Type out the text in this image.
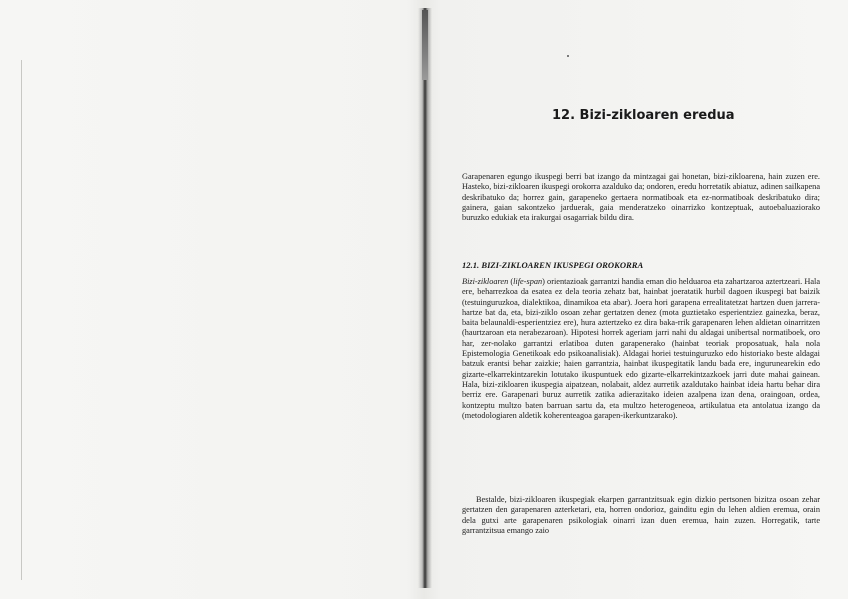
12. Bizi-zikloaren eredua

Garapenaren egungo ikuspegi berri bat izango da mintzagai gai honetan, bizi-zikloarena, hain zuzen ere. Hasteko, bizi-zikloaren ikuspegi orokorra azalduko da; ondoren, eredu horretatik abiatuz, adinen sailkapena deskribatuko da; horrez gain, garapeneko gertaera normatiboak eta ez-normatiboak deskribatuko dira; gainera, gaian sakontzeko jarduerak, gaia menderatzeko oinarrizko kontzeptuak, autoebaluaziorako buruzko edukiak eta irakurgai osagarriak bildu dira.

12.1. BIZI-ZIKLOAREN IKUSPEGI OROKORRA

Bizi-zikloaren (life-span) orientazioak garrantzi handia eman dio helduaroa eta zahartzaroa aztertzeari. Hala ere, beharrezkoa da esatea ez dela teoria zehatz bat, hainbat joeratatik hurbil dagoen ikuspegi bat baizik (testuinguruzkoa, dialektikoa, dinamikoa eta abar). Joera hori garapena errealitatetzat hartzen duen jarrera-hartze bat da, eta, bizi-ziklo osoan zehar gertatzen denez (mota guztietako esperientziez gainezka, beraz, baita belaunaldi-esperientziez ere), hura aztertzeko ez dira baka-rrik garapenaren lehen aldietan oinarritzen (haurtzaroan eta nerabezaroan). Hipotesi horrek ageriam jarri nahi du aldagai unibertsal normatiboek, oro har, zer-nolako garrantzi erlatiboa duten garapenerako (hainbat teoriak proposatuak, hala nola Epistemologia Genetikoak edo psikoanalisiak). Aldagai horiei testuinguruzko edo historiako beste aldagai batzuk erantsi behar zaizkie; haien garrantzia, hainbat ikuspegitatik landu bada ere, ingurunearekin edo gizarte-elkarrekintzarekin lotutako ikuspuntuek edo gizarte-elkarrekintzazkoek jarri dute mahai gainean. Hala, bizi-zikloaren ikuspegia aipatzean, nolabait, aldez aurretik azaldutako hainbat ideia hartu behar dira berriz ere. Garapenari buruz aurretik zatika adierazitako ideien azalpena izan dena, oraingoan, ordea, kontzeptu multzo baten barruan sartu da, eta multzo heterogeneoa, artikulatua eta antolatua izango da (metodologiaren aldetik koherenteagoa garapen-ikerkuntzarako).

Bestalde, bizi-zikloaren ikuspegiak ekarpen garrantzitsuak egin dizkio pertsonen bizitza osoan zehar gertatzen den garapenaren azterketari, eta, horren ondorioz, gainditu egin du lehen aldien eremua, orain dela gutxi arte garapenaren psikologiak oinarri izan duen eremua, hain zuzen. Horregatik, tarte garrantzitsua emango zaio
